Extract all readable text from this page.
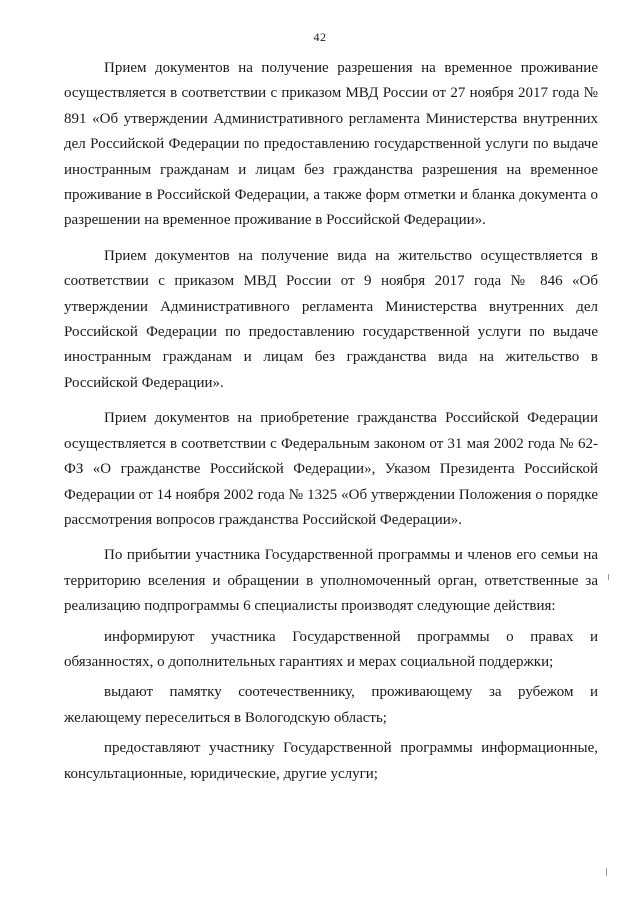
42

Прием документов на получение разрешения на временное проживание осуществляется в соответствии с приказом МВД России от 27 ноября 2017 года № 891 «Об утверждении Административного регламента Министерства внутренних дел Российской Федерации по предоставлению государственной услуги по выдаче иностранным гражданам и лицам без гражданства разрешения на временное проживание в Российской Федерации, а также форм отметки и бланка документа о разрешении на временное проживание в Российской Федерации».

Прием документов на получение вида на жительство осуществляется в соответствии с приказом МВД России от 9 ноября 2017 года № 846 «Об утверждении Административного регламента Министерства внутренних дел Российской Федерации по предоставлению государственной услуги по выдаче иностранным гражданам и лицам без гражданства вида на жительство в Российской Федерации».

Прием документов на приобретение гражданства Российской Федерации осуществляется в соответствии с Федеральным законом от 31 мая 2002 года № 62-ФЗ «О гражданстве Российской Федерации», Указом Президента Российской Федерации от 14 ноября 2002 года № 1325 «Об утверждении Положения о порядке рассмотрения вопросов гражданства Российской Федерации».

По прибытии участника Государственной программы и членов его семьи на территорию вселения и обращении в уполномоченный орган, ответственные за реализацию подпрограммы 6 специалисты производят следующие действия:

информируют участника Государственной программы о правах и обязанностях, о дополнительных гарантиях и мерах социальной поддержки;

выдают памятку соотечественнику, проживающему за рубежом и желающему переселиться в Вологодскую область;

предоставляют участнику Государственной программы информационные, консультационные, юридические, другие услуги;
